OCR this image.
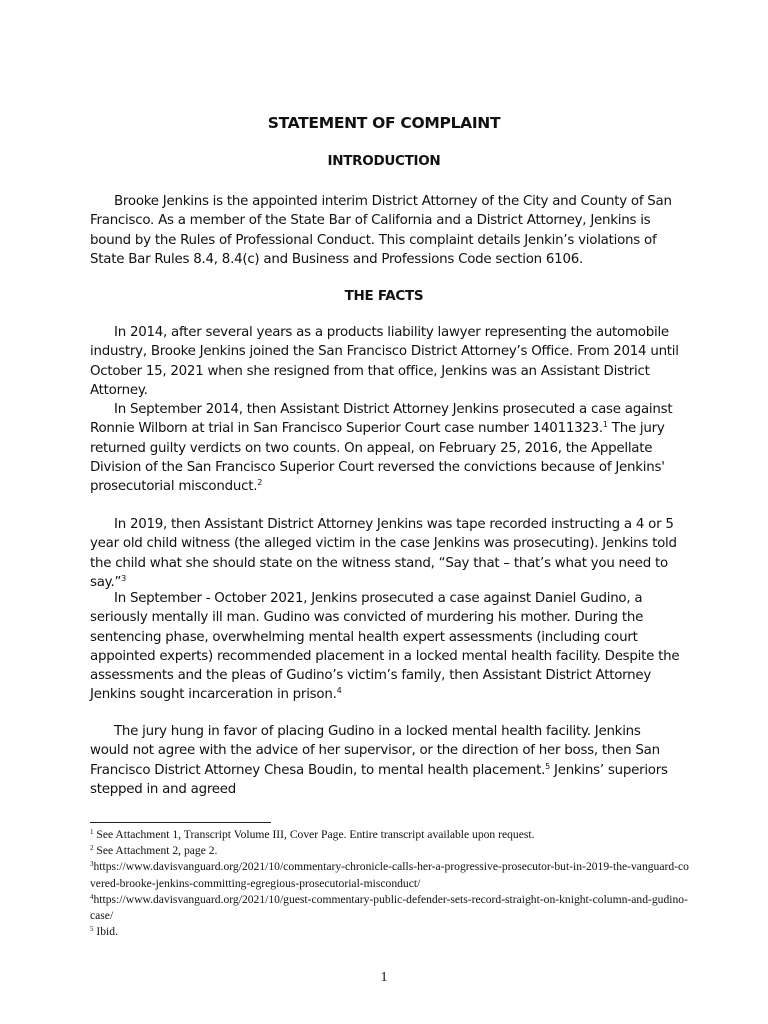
STATEMENT OF COMPLAINT
INTRODUCTION

Brooke Jenkins is the appointed interim District Attorney of the City and County of San Francisco. As a member of the State Bar of California and a District Attorney, Jenkins is bound by the Rules of Professional Conduct. This complaint details Jenkin’s violations of State Bar Rules 8.4, 8.4(c) and Business and Professions Code section 6106.

THE FACTS

In 2014, after several years as a products liability lawyer representing the automobile industry, Brooke Jenkins joined the San Francisco District Attorney’s Office. From 2014 until October 15, 2021 when she resigned from that office, Jenkins was an Assistant District Attorney.

In September 2014, then Assistant District Attorney Jenkins prosecuted a case against Ronnie Wilborn at trial in San Francisco Superior Court case number 14011323.$^1$ The jury returned guilty verdicts on two counts. On appeal, on February 25, 2016, the Appellate Division of the San Francisco Superior Court reversed the convictions because of Jenkins' prosecutorial misconduct.$^2$

In 2019, then Assistant District Attorney Jenkins was tape recorded instructing a 4 or 5 year old child witness (the alleged victim in the case Jenkins was prosecuting). Jenkins told the child what she should state on the witness stand, “Say that – that’s what you need to say.”$^3$

In September - October 2021, Jenkins prosecuted a case against Daniel Gudino, a seriously mentally ill man. Gudino was convicted of murdering his mother. During the sentencing phase, overwhelming mental health expert assessments (including court appointed experts) recommended placement in a locked mental health facility. Despite the assessments and the pleas of Gudino’s victim’s family, then Assistant District Attorney Jenkins sought incarceration in prison.$^4$

The jury hung in favor of placing Gudino in a locked mental health facility. Jenkins would not agree with the advice of her supervisor, or the direction of her boss, then San Francisco District Attorney Chesa Boudin, to mental health placement.$^5$ Jenkins’ superiors stepped in and agreed

$^1$ See Attachment 1, Transcript Volume III, Cover Page. Entire transcript available upon request.
$^2$ See Attachment 2, page 2.
$^3$https://www.davisvanguard.org/2021/10/commentary-chronicle-calls-her-a-progressive-prosecutor-but-in-2019-the-vanguard-covered-brooke-jenkins-committing-egregious-prosecutorial-misconduct/
$^4$https://www.davisvanguard.org/2021/10/guest-commentary-public-defender-sets-record-straight-on-knight-column-and-gudino-case/
$^5$ Ibid.
1
